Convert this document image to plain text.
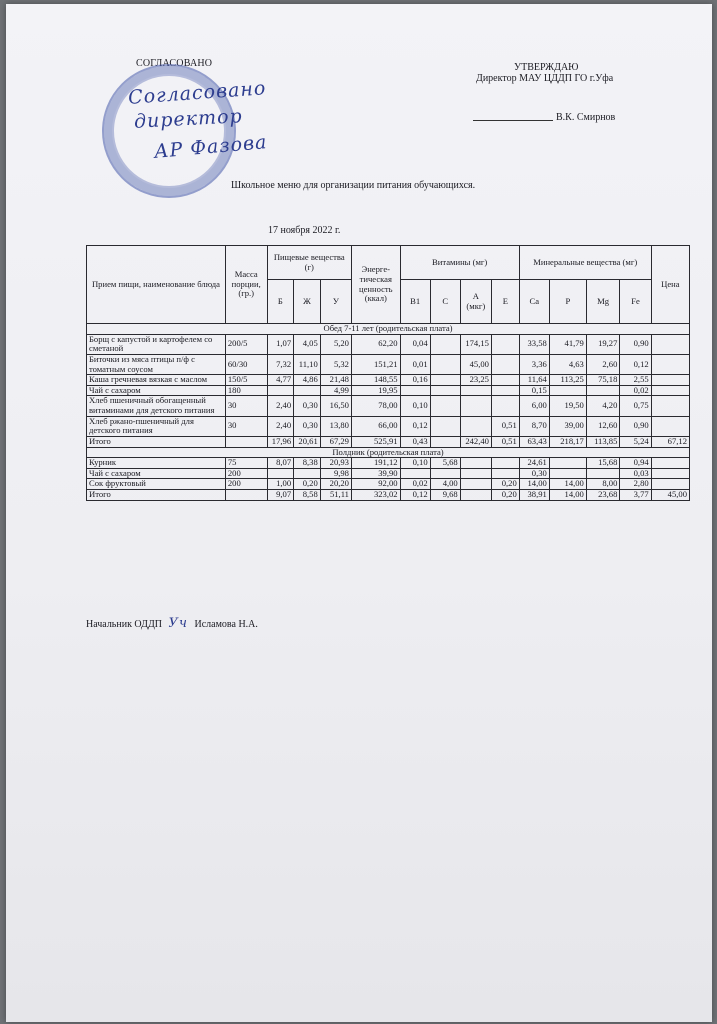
СОГЛАСОВАНО
Согласовано
директор
АР Фазова
УТВЕРЖДАЮ
Директор МАУ ЦДДП ГО г.Уфа
В.К. Смирнов
Школьное меню для организации питания обучающихся.
17 ноября 2022 г.
Прием пищи, наименование блюда	Масса порции, (гр.)	Пищевые вещества (г)			Энерге-тическая ценность (ккал)	Витамины (мг)				Минеральные вещества (мг)				Цена
		Б	Ж	У		В1	С	А (мкг)	Е	Са	Р	Mg	Fe	
Обед 7-11 лет (родительская плата)														
Борщ с капустой и картофелем со сметаной	200/5	1,07	4,05	5,20	62,20	0,04		174,15		33,58	41,79	19,27	0,90	
Биточки из мяса птицы п/ф с томатным соусом	60/30	7,32	11,10	5,32	151,21	0,01		45,00		3,36	4,63	2,60	0,12	
Каша гречневая вязкая с маслом	150/5	4,77	4,86	21,48	148,55	0,16		23,25		11,64	113,25	75,18	2,55	
Чай с сахаром	180			4,99	19,95					0,15			0,02	
Хлеб пшеничный обогащенный витаминами для детского питания	30	2,40	0,30	16,50	78,00	0,10				6,00	19,50	4,20	0,75	
Хлеб ржано-пшеничный для детского питания	30	2,40	0,30	13,80	66,00	0,12			0,51	8,70	39,00	12,60	0,90	
Итого		17,96	20,61	67,29	525,91	0,43		242,40	0,51	63,43	218,17	113,85	5,24	67,12
Полдник (родительская плата)														
Курник	75	8,07	8,38	20,93	191,12	0,10	5,68			24,61		15,68	0,94	
Чай с сахаром	200			9,98	39,90					0,30			0,03	
Сок фруктовый	200	1,00	0,20	20,20	92,00	0,02	4,00		0,20	14,00	14,00	8,00	2,80	
Итого		9,07	8,58	51,11	323,02	0,12	9,68		0,20	38,91	14,00	23,68	3,77	45,00
Начальник ОДДП Уч Исламова Н.А.
